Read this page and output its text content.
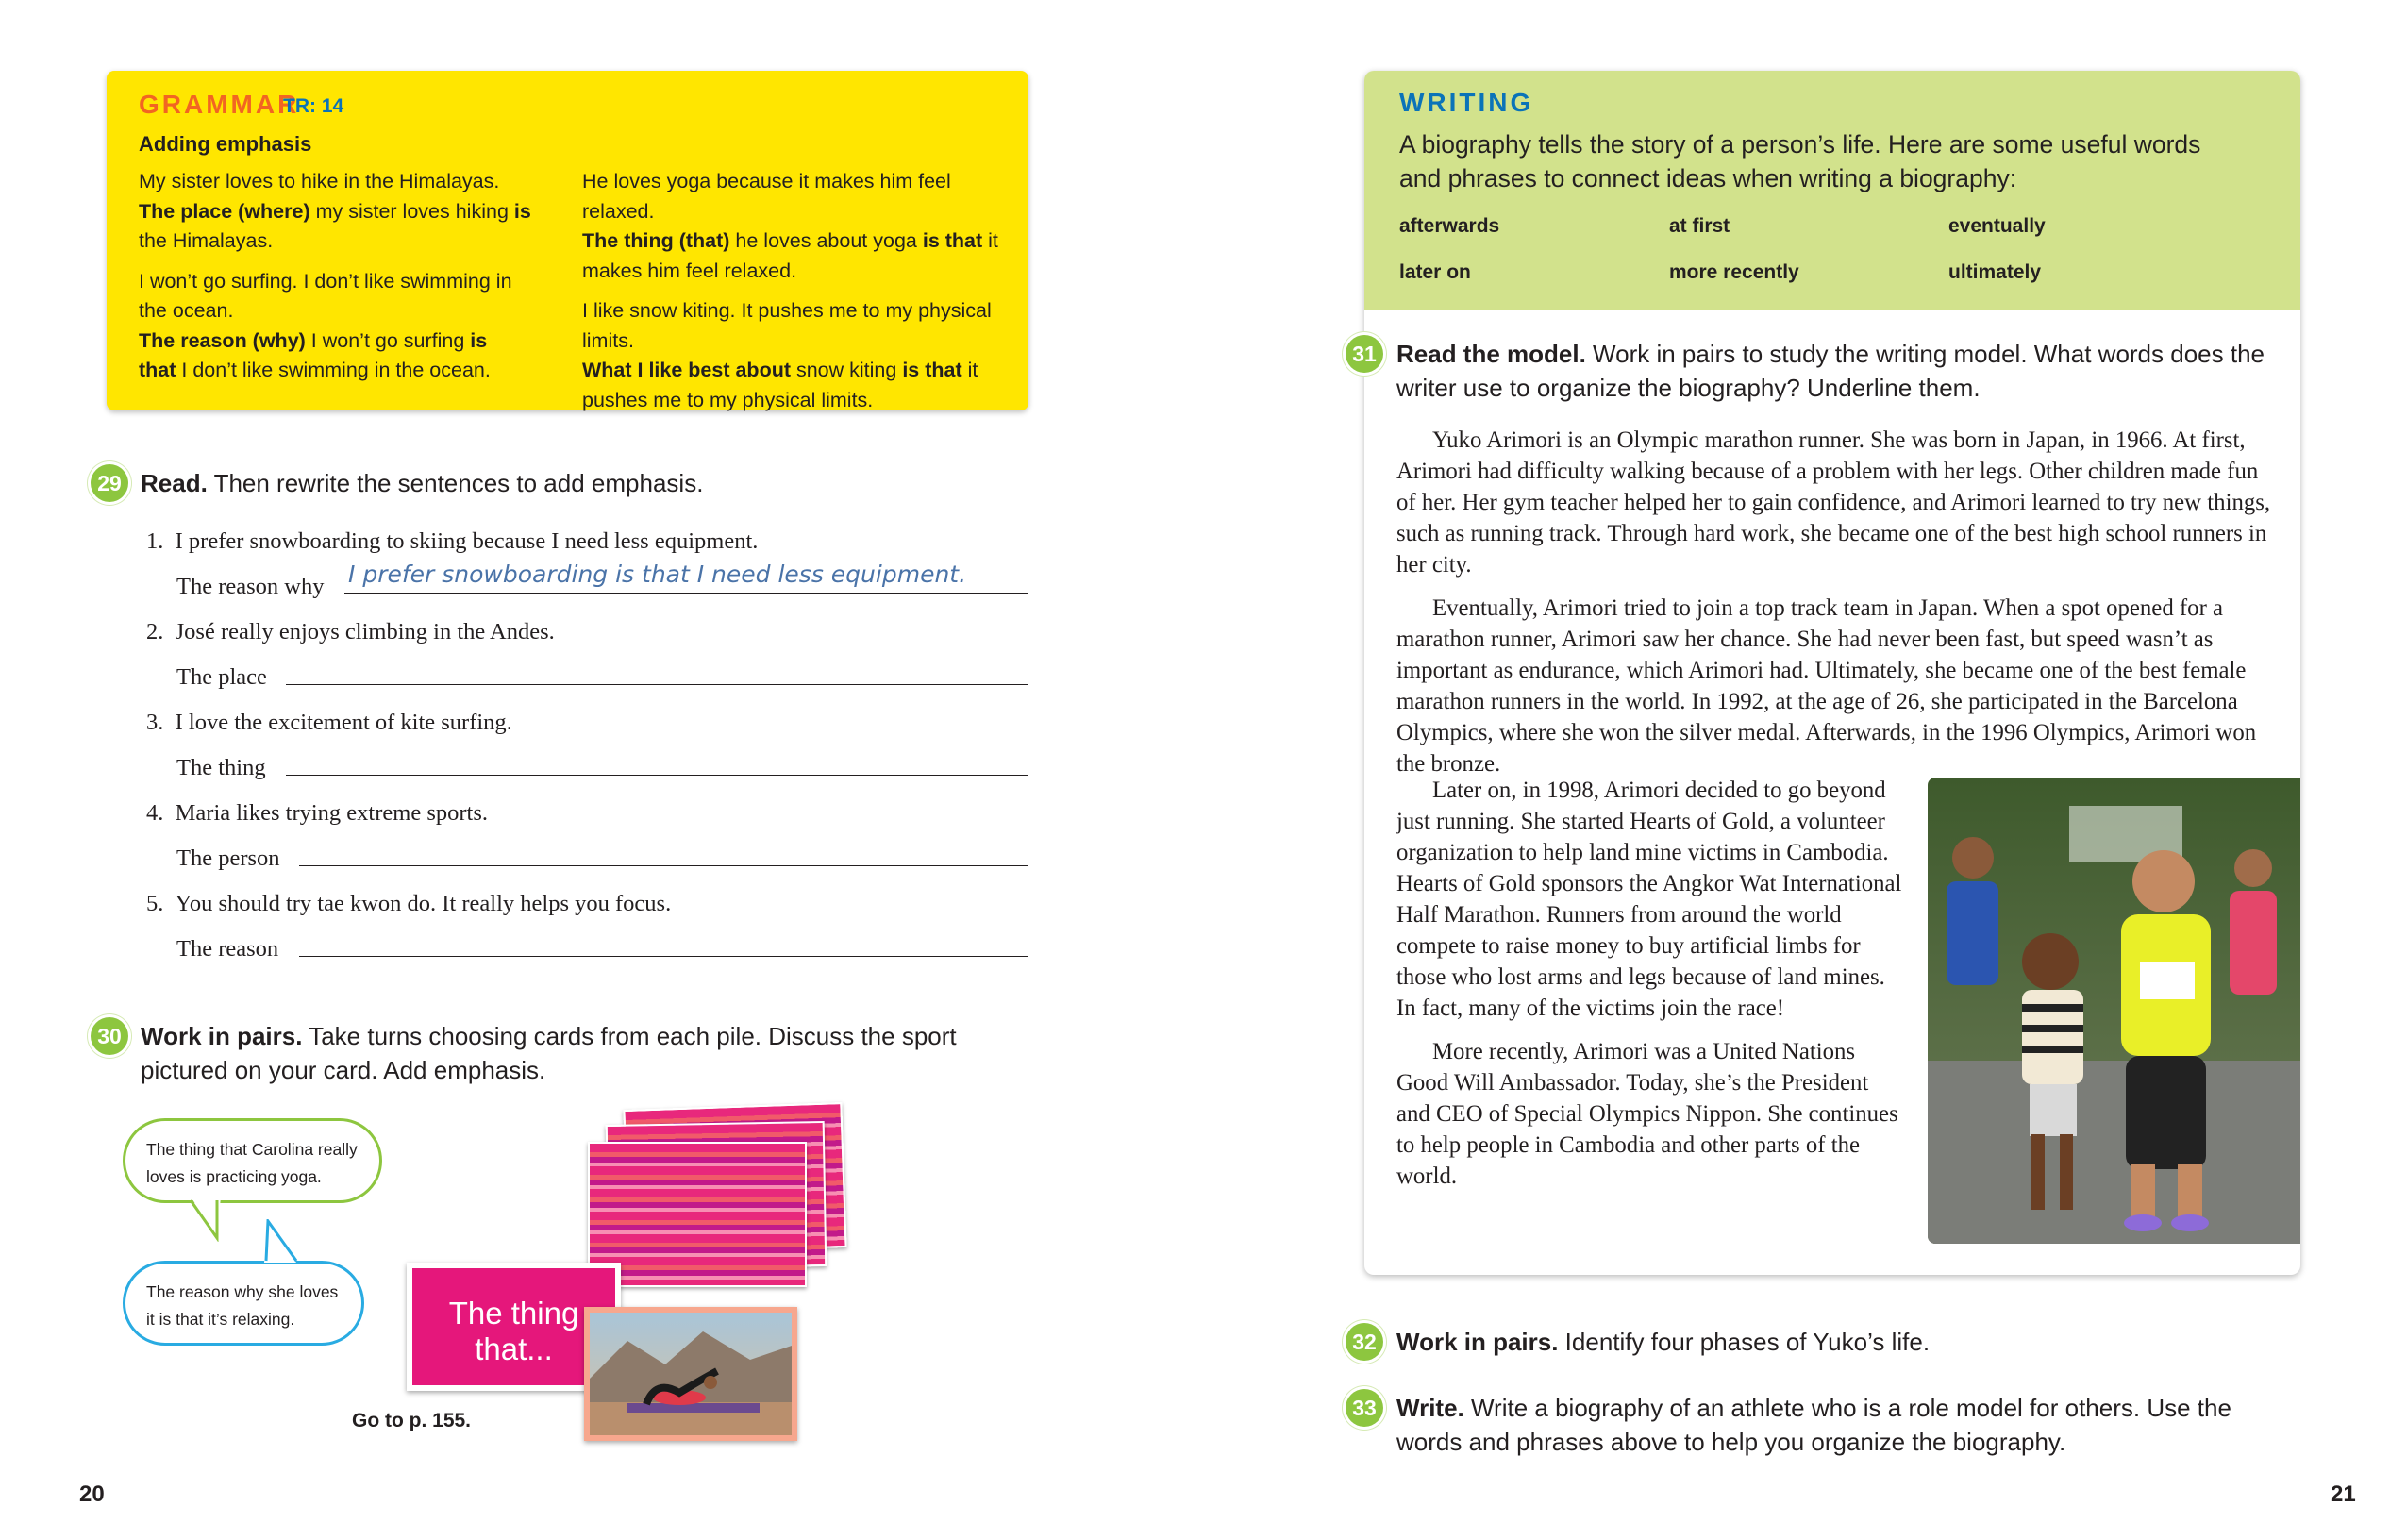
GRAMMAR
TR: 14
Adding emphasis

My sister loves to hike in the Himalayas.
The place (where) my sister loves hiking is the Himalayas.

I won’t go surfing. I don’t like swimming in the ocean.
The reason (why) I won’t go surfing is that I don’t like swimming in the ocean.

He loves yoga because it makes him feel relaxed.
The thing (that) he loves about yoga is that it makes him feel relaxed.

I like snow kiting. It pushes me to my physical limits.
What I like best about snow kiting is that it pushes me to my physical limits.

29 Read. Then rewrite the sentences to add emphasis.
1. I prefer snowboarding to skiing because I need less equipment.
The reason why I prefer snowboarding is that I need less equipment.
2. José really enjoys climbing in the Andes.
The place
3. I love the excitement of kite surfing.
The thing
4. Maria likes trying extreme sports.
The person
5. You should try tae kwon do. It really helps you focus.
The reason
30 Work in pairs. Take turns choosing cards from each pile. Discuss the sport pictured on your card. Add emphasis.
The thing that Carolina really loves is practicing yoga.
The reason why she loves it is that it’s relaxing.	The thing that...
Go to p. 155.
20
WRITING
A biography tells the story of a person’s life. Here are some useful words and phrases to connect ideas when writing a biography:
afterwards	at first	eventually
later on	more recently	ultimately
Read the model. Work in pairs to study the writing model. What words does the writer use to organize the biography? Underline them.

Yuko Arimori is an Olympic marathon runner. She was born in Japan, in 1966. At first, Arimori had difficulty walking because of a problem with her legs. Other children made fun of her. Her gym teacher helped her to gain confidence, and Arimori learned to try new things, such as running track. Through hard work, she became one of the best high school runners in her city.

Eventually, Arimori tried to join a top track team in Japan. When a spot opened for a marathon runner, Arimori saw her chance. She had never been fast, but speed wasn’t as important as endurance, which Arimori had. Ultimately, she became one of the best female marathon runners in the world. In 1992, at the age of 26, she participated in the Barcelona Olympics, where she won the silver medal. Afterwards, in the 1996 Olympics, Arimori won the bronze.

Later on, in 1998, Arimori decided to go beyond just running. She started Hearts of Gold, a volunteer organization to help land mine victims in Cambodia. Hearts of Gold sponsors the Angkor Wat International Half Marathon. Runners from around the world compete to raise money to buy artificial limbs for those who lost arms and legs because of land mines. In fact, many of the victims join the race!

More recently, Arimori was a United Nations Good Will Ambassador. Today, she’s the President and CEO of Special Olympics Nippon. She continues to help people in Cambodia and other parts of the world.

31
32 Work in pairs. Identify four phases of Yuko’s life.
33 Write. Write a biography of an athlete who is a role model for others. Use the words and phrases above to help you organize the biography.
21
